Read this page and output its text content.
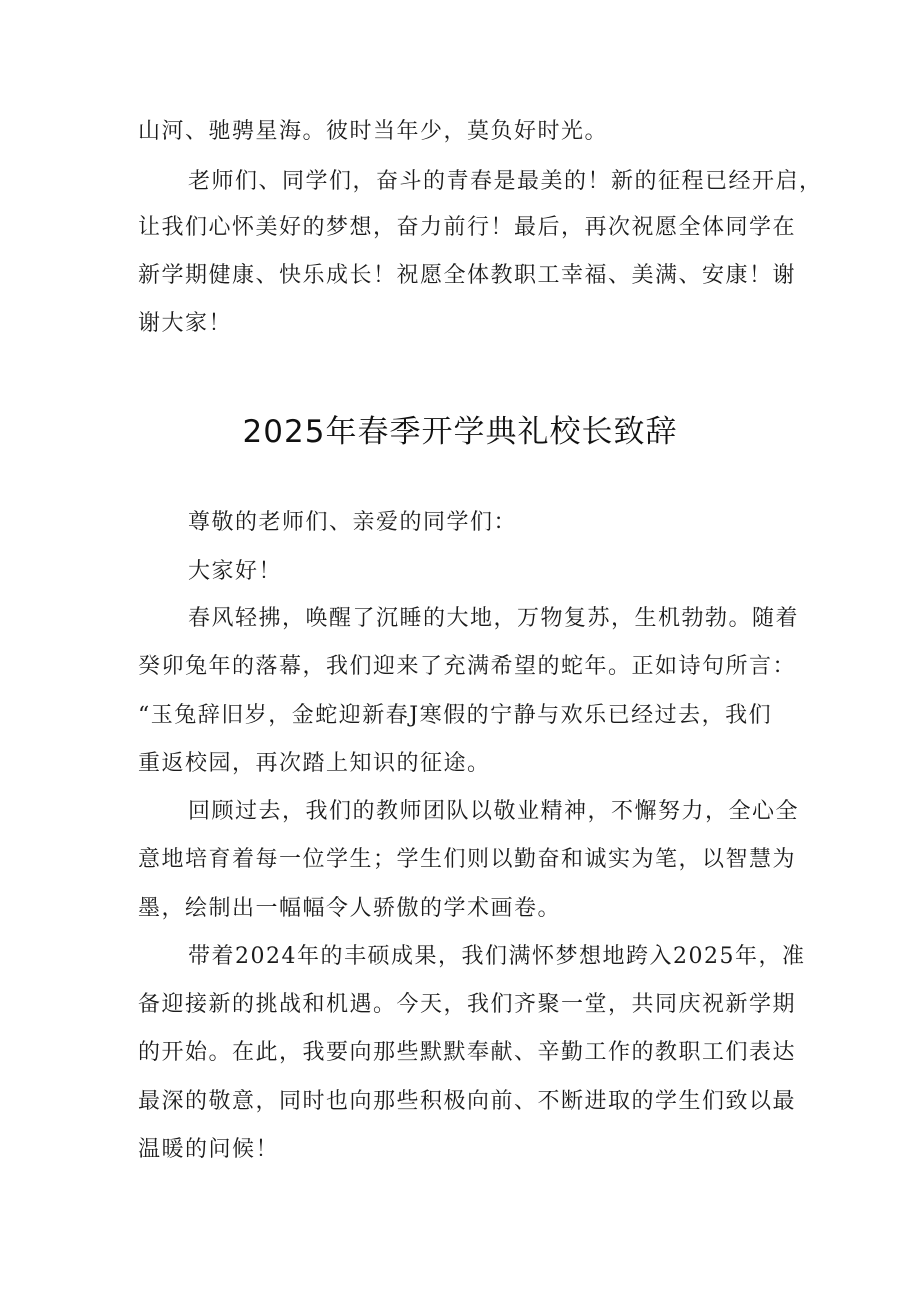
山河、驰骋星海。彼时当年少，莫负好时光。
老师们、同学们，奋斗的青春是最美的！新的征程已经开启，
让我们心怀美好的梦想，奋力前行！最后，再次祝愿全体同学在
新学期健康、快乐成长！祝愿全体教职工幸福、美满、安康！谢
谢大家！
2025年春季开学典礼校长致辞
尊敬的老师们、亲爱的同学们：
大家好！
春风轻拂，唤醒了沉睡的大地，万物复苏，生机勃勃。随着
癸卯兔年的落幕，我们迎来了充满希望的蛇年。正如诗句所言：
“玉兔辞旧岁，金蛇迎新春J寒假的宁静与欢乐已经过去，我们
重返校园，再次踏上知识的征途。
回顾过去，我们的教师团队以敬业精神，不懈努力，全心全
意地培育着每一位学生；学生们则以勤奋和诚实为笔，以智慧为
墨，绘制出一幅幅令人骄傲的学术画卷。
带着2024年的丰硕成果，我们满怀梦想地跨入2025年，准
备迎接新的挑战和机遇。今天，我们齐聚一堂，共同庆祝新学期
的开始。在此，我要向那些默默奉献、辛勤工作的教职工们表达
最深的敬意，同时也向那些积极向前、不断进取的学生们致以最
温暖的问候！
